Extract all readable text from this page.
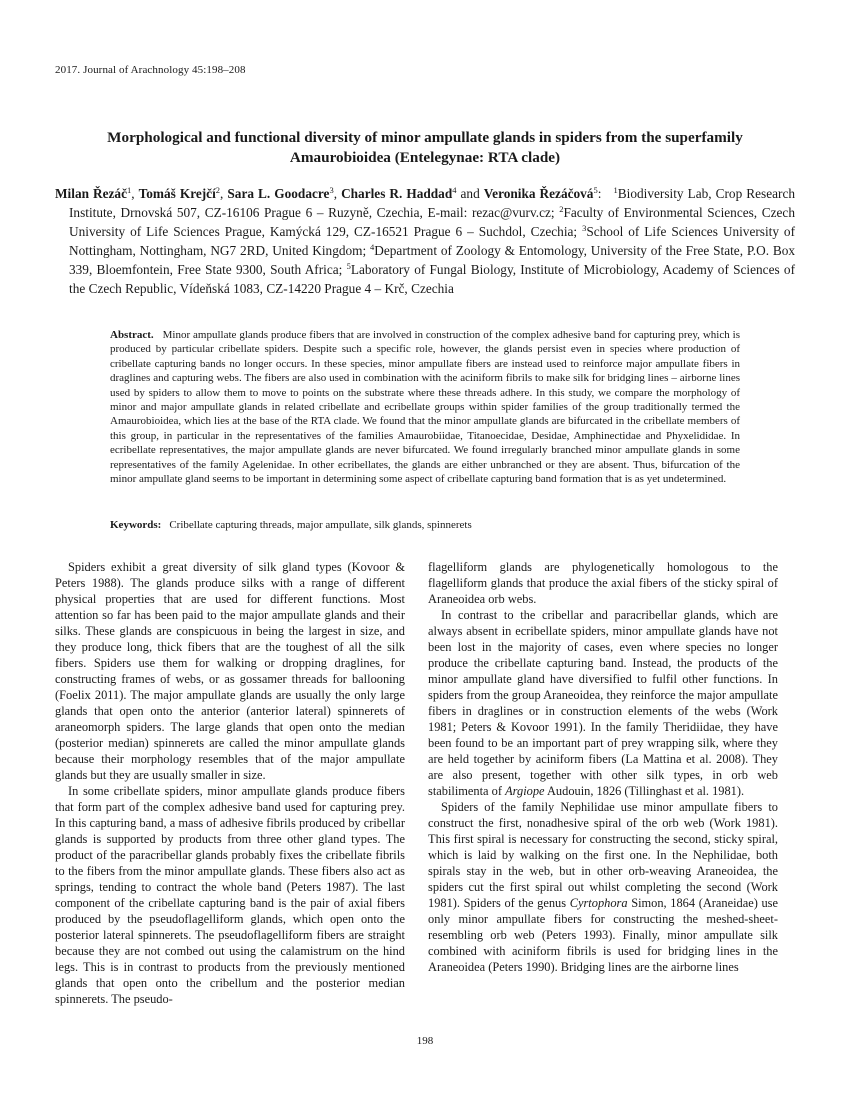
2017. Journal of Arachnology 45:198–208
Morphological and functional diversity of minor ampullate glands in spiders from the superfamily Amaurobioidea (Entelegynae: RTA clade)
Milan Řezáč$^1$, Tomáš Krejčí$^2$, Sara L. Goodacre$^3$, Charles R. Haddad$^4$ and Veronika Řezáčová$^5$:   $^1$Biodiversity Lab, Crop Research Institute, Drnovská 507, CZ-16106 Prague 6 – Ruzyně, Czechia, E-mail: rezac@vurv.cz; $^2$Faculty of Environmental Sciences, Czech University of Life Sciences Prague, Kamýcká 129, CZ-16521 Prague 6 – Suchdol, Czechia; $^3$School of Life Sciences University of Nottingham, Nottingham, NG7 2RD, United Kingdom; $^4$Department of Zoology & Entomology, University of the Free State, P.O. Box 339, Bloemfontein, Free State 9300, South Africa; $^5$Laboratory of Fungal Biology, Institute of Microbiology, Academy of Sciences of the Czech Republic, Vídeňská 1083, CZ-14220 Prague 4 – Krč, Czechia
Abstract. Minor ampullate glands produce fibers that are involved in construction of the complex adhesive band for capturing prey, which is produced by particular cribellate spiders. Despite such a specific role, however, the glands persist even in species where production of cribellate capturing bands no longer occurs. In these species, minor ampullate fibers are instead used to reinforce major ampullate fibers in draglines and capturing webs. The fibers are also used in combination with the aciniform fibrils to make silk for bridging lines – airborne lines used by spiders to allow them to move to points on the substrate where these threads adhere. In this study, we compare the morphology of minor and major ampullate glands in related cribellate and ecribellate groups within spider families of the group traditionally termed the Amaurobioidea, which lies at the base of the RTA clade. We found that the minor ampullate glands are bifurcated in the cribellate members of this group, in particular in the representatives of the families Amaurobiidae, Titanoecidae, Desidae, Amphinectidae and Phyxelididae. In ecribellate representatives, the major ampullate glands are never bifurcated. We found irregularly branched minor ampullate glands in some representatives of the family Agelenidae. In other ecribellates, the glands are either unbranched or they are absent. Thus, bifurcation of the minor ampullate gland seems to be important in determining some aspect of cribellate capturing band formation that is as yet undetermined.
Keywords: Cribellate capturing threads, major ampullate, silk glands, spinnerets

Spiders exhibit a great diversity of silk gland types (Kovoor & Peters 1988). The glands produce silks with a range of different physical properties that are used for different functions. Most attention so far has been paid to the major ampullate glands and their silks. These glands are conspicuous in being the largest in size, and they produce long, thick fibers that are the toughest of all the silk fibers. Spiders use them for walking or dropping draglines, for constructing frames of webs, or as gossamer threads for ballooning (Foelix 2011). The major ampullate glands are usually the only large glands that open onto the anterior (anterior lateral) spinnerets of araneomorph spiders. The large glands that open onto the median (posterior median) spinnerets are called the minor ampullate glands because their morphology resembles that of the major ampullate glands but they are usually smaller in size.

In some cribellate spiders, minor ampullate glands produce fibers that form part of the complex adhesive band used for capturing prey. In this capturing band, a mass of adhesive fibrils produced by cribellar glands is supported by products from three other gland types. The product of the paracribellar glands probably fixes the cribellate fibrils to the fibers from the minor ampullate glands. These fibers also act as springs, tending to contract the whole band (Peters 1987). The last component of the cribellate capturing band is the pair of axial fibers produced by the pseudoflagelliform glands, which open onto the posterior lateral spinnerets. The pseudoflagelliform fibers are straight because they are not combed out using the calamistrum on the hind legs. This is in contrast to products from the previously mentioned glands that open onto the cribellum and the posterior median spinnerets. The pseudo-

flagelliform glands are phylogenetically homologous to the flagelliform glands that produce the axial fibers of the sticky spiral of Araneoidea orb webs.

In contrast to the cribellar and paracribellar glands, which are always absent in ecribellate spiders, minor ampullate glands have not been lost in the majority of cases, even where species no longer produce the cribellate capturing band. Instead, the products of the minor ampullate gland have diversified to fulfil other functions. In spiders from the group Araneoidea, they reinforce the major ampullate fibers in draglines or in construction elements of the webs (Work 1981; Peters & Kovoor 1991). In the family Theridiidae, they have been found to be an important part of prey wrapping silk, where they are held together by aciniform fibers (La Mattina et al. 2008). They are also present, together with other silk types, in orb web stabilimenta of Argiope Audouin, 1826 (Tillinghast et al. 1981).

Spiders of the family Nephilidae use minor ampullate fibers to construct the first, nonadhesive spiral of the orb web (Work 1981). This first spiral is necessary for constructing the second, sticky spiral, which is laid by walking on the first one. In the Nephilidae, both spirals stay in the web, but in other orb-weaving Araneoidea, the spiders cut the first spiral out whilst completing the second (Work 1981). Spiders of the genus Cyrtophora Simon, 1864 (Araneidae) use only minor ampullate fibers for constructing the meshed-sheet-resembling orb web (Peters 1993). Finally, minor ampullate silk combined with aciniform fibrils is used for bridging lines in the Araneoidea (Peters 1990). Bridging lines are the airborne lines

198
